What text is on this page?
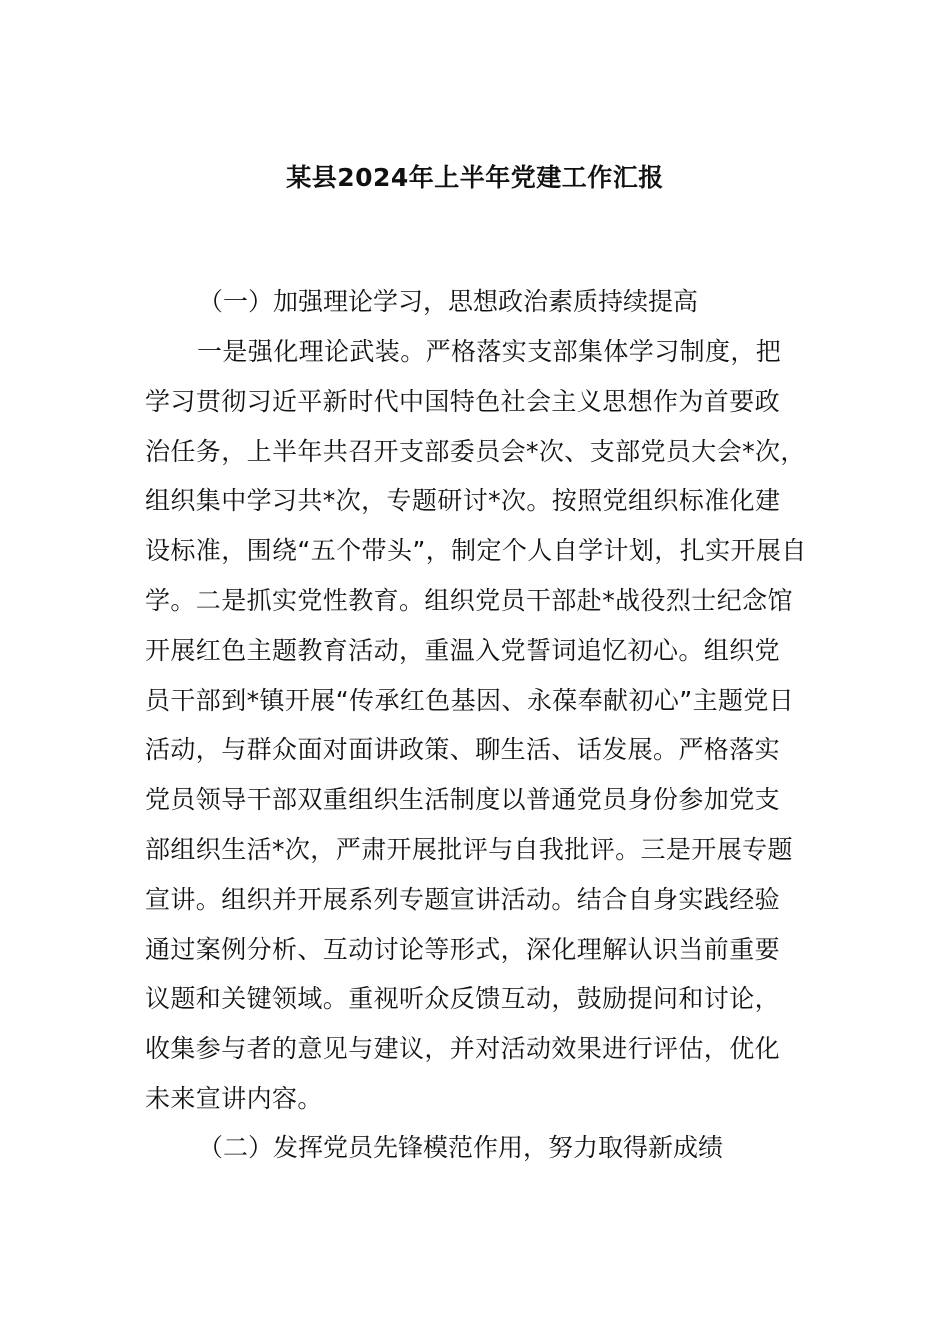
某县2024年上半年党建工作汇报
（一）加强理论学习，思想政治素质持续提高
一是强化理论武装。严格落实支部集体学习制度，把
学习贯彻习近平新时代中国特色社会主义思想作为首要政
治任务，上半年共召开支部委员会*次、支部党员大会*次，
组织集中学习共*次，专题研讨*次。按照党组织标准化建
设标准，围绕“五个带头”，制定个人自学计划，扎实开展自
学。二是抓实党性教育。组织党员干部赴*战役烈士纪念馆
开展红色主题教育活动，重温入党誓词追忆初心。组织党
员干部到*镇开展“传承红色基因、永葆奉献初心”主题党日
活动，与群众面对面讲政策、聊生活、话发展。严格落实
党员领导干部双重组织生活制度以普通党员身份参加党支
部组织生活*次，严肃开展批评与自我批评。三是开展专题
宣讲。组织并开展系列专题宣讲活动。结合自身实践经验
通过案例分析、互动讨论等形式，深化理解认识当前重要
议题和关键领域。重视听众反馈互动，鼓励提问和讨论，
收集参与者的意见与建议，并对活动效果进行评估，优化
未来宣讲内容。
（二）发挥党员先锋模范作用，努力取得新成绩
